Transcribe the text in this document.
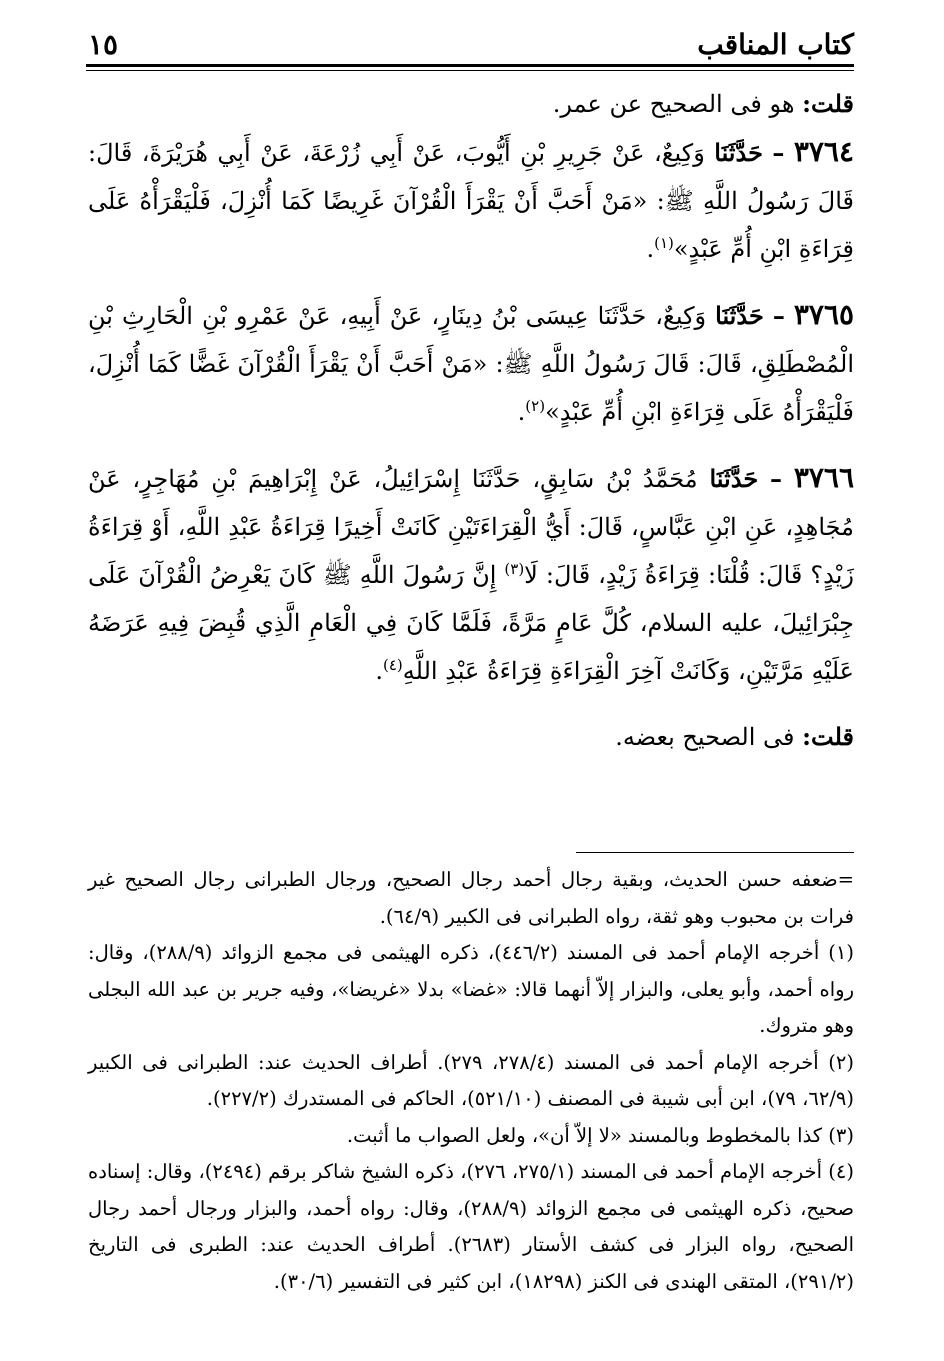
كتاب المناقب
١٥

قلت: هو فى الصحيح عن عمر.

٣٧٦٤ – حَدَّثَنَا وَكِيعٌ، عَنْ جَرِيرِ بْنِ أَيُّوبَ، عَنْ أَبِي زُرْعَةَ، عَنْ أَبِي هُرَيْرَةَ، قَالَ: قَالَ رَسُولُ اللَّهِ ﷺ: «مَنْ أَحَبَّ أَنْ يَقْرَأَ الْقُرْآنَ غَرِيضًا كَمَا أُنْزِلَ، فَلْيَقْرَأْهُ عَلَى قِرَاءَةِ ابْنِ أُمِّ عَبْدٍ»$^{(١)}$.

٣٧٦٥ – حَدَّثَنَا وَكِيعٌ، حَدَّثَنَا عِيسَى بْنُ دِينَارٍ، عَنْ أَبِيهِ، عَنْ عَمْرِو بْنِ الْحَارِثِ بْنِ الْمُصْطَلِقِ، قَالَ: قَالَ رَسُولُ اللَّهِ ﷺ: «مَنْ أَحَبَّ أَنْ يَقْرَأَ الْقُرْآنَ غَضًّا كَمَا أُنْزِلَ، فَلْيَقْرَأْهُ عَلَى قِرَاءَةِ ابْنِ أُمِّ عَبْدٍ»$^{(٢)}$.

٣٧٦٦ – حَدَّثَنَا مُحَمَّدُ بْنُ سَابِقٍ، حَدَّثَنَا إِسْرَائِيلُ، عَنْ إِبْرَاهِيمَ بْنِ مُهَاجِرٍ، عَنْ مُجَاهِدٍ، عَنِ ابْنِ عَبَّاسٍ، قَالَ: أَيُّ الْقِرَاءَتَيْنِ كَانَتْ أَخِيرًا قِرَاءَةُ عَبْدِ اللَّهِ، أَوْ قِرَاءَةُ زَيْدٍ؟ قَالَ: قُلْنَا: قِرَاءَةُ زَيْدٍ، قَالَ: لَا$^{(٣)}$ إِنَّ رَسُولَ اللَّهِ ﷺ كَانَ يَعْرِضُ الْقُرْآنَ عَلَى جِبْرَائِيلَ، عليه السلام، كُلَّ عَامٍ مَرَّةً، فَلَمَّا كَانَ فِي الْعَامِ الَّذِي قُبِضَ فِيهِ عَرَضَهُ عَلَيْهِ مَرَّتَيْنِ، وَكَانَتْ آخِرَ الْقِرَاءَةِ قِرَاءَةُ عَبْدِ اللَّهِ$^{(٤)}$.

قلت: فى الصحيح بعضه.

=ضعفه حسن الحديث، وبقية رجال أحمد رجال الصحيح، ورجال الطبرانى رجال الصحيح غير فرات بن محبوب وهو ثقة، رواه الطبرانى فى الكبير (٦٤/٩).

(١) أخرجه الإمام أحمد فى المسند (٤٤٦/٢)، ذكره الهيثمى فى مجمع الزوائد (٢٨٨/٩)، وقال: رواه أحمد، وأبو يعلى، والبزار إلاّ أنهما قالا: «غضا» بدلا «غريضا»، وفيه جرير بن عبد الله البجلى وهو متروك.

(٢) أخرجه الإمام أحمد فى المسند (٢٧٨/٤، ٢٧٩). أطراف الحديث عند: الطبرانى فى الكبير (٦٢/٩، ٧٩)، ابن أبى شيبة فى المصنف (٥٢١/١٠)، الحاكم فى المستدرك (٢٢٧/٢).

(٣) كذا بالمخطوط وبالمسند «لا إلاّ أن»، ولعل الصواب ما أثبت.

(٤) أخرجه الإمام أحمد فى المسند (٢٧٥/١، ٢٧٦)، ذكره الشيخ شاكر برقم (٢٤٩٤)، وقال: إسناده صحيح، ذكره الهيثمى فى مجمع الزوائد (٢٨٨/٩)، وقال: رواه أحمد، والبزار ورجال أحمد رجال الصحيح، رواه البزار فى كشف الأستار (٢٦٨٣). أطراف الحديث عند: الطبرى فى التاريخ (٢٩١/٢)، المتقى الهندى فى الكنز (١٨٢٩٨)، ابن كثير فى التفسير (٣٠/٦).
